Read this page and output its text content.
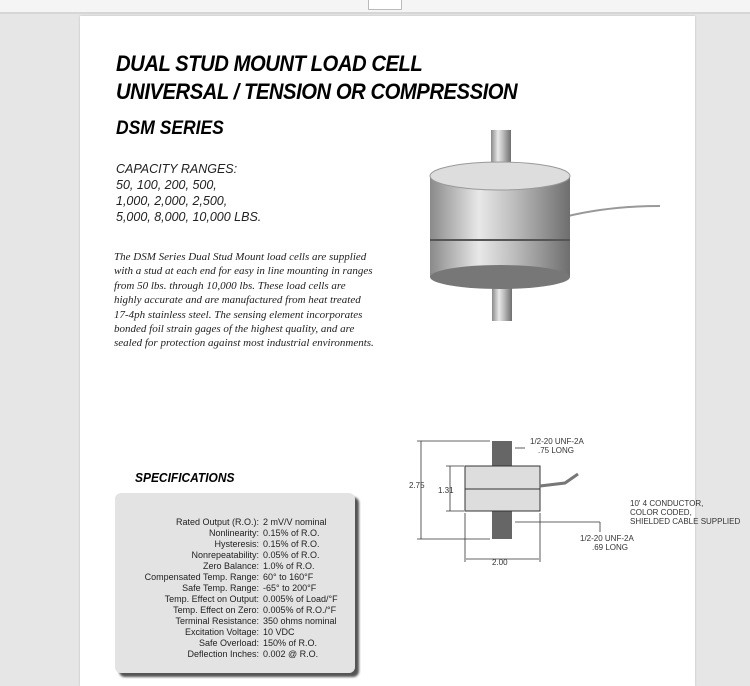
DUAL STUD MOUNT LOAD CELL
UNIVERSAL / TENSION OR COMPRESSION
DSM SERIES
CAPACITY RANGES:
50, 100, 200, 500,
1,000, 2,000, 2,500,
5,000, 8,000, 10,000 LBS.
The DSM Series Dual Stud Mount load cells are supplied with a stud at each end for easy in line mounting in ranges from 50 lbs. through 10,000 lbs. These load cells are highly accurate and are manufactured from heat treated 17-4ph stainless steel. The sensing element incorporates bonded foil strain gages of the highest quality, and are sealed for protection against most industrial environments.
2.75
1.31
2.00
1/2-20 UNF-2A
.75 LONG
10' 4 CONDUCTOR,
COLOR CODED,
SHIELDED CABLE SUPPLIED
1/2-20 UNF-2A
.69 LONG
SPECIFICATIONS
Rated Output (R.O.): 2 mV/V nominal
Nonlinearity: 0.15% of R.O.
Hysteresis: 0.15% of R.O.
Nonrepeatability: 0.05% of R.O.
Zero Balance: 1.0% of R.O.
Compensated Temp. Range: 60° to 160°F
Safe Temp. Range: -65° to 200°F
Temp. Effect on Output: 0.005% of Load/°F
Temp. Effect on Zero: 0.005% of R.O./°F
Terminal Resistance: 350 ohms nominal
Excitation Voltage: 10 VDC
Safe Overload: 150% of R.O.
Deflection Inches: 0.002 @ R.O.
